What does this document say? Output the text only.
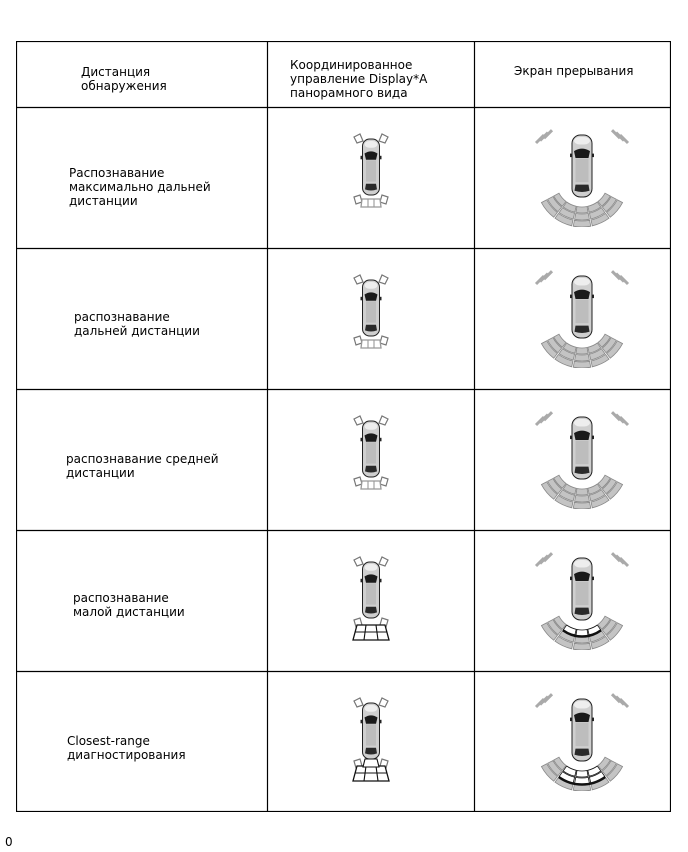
Дистанция
обнаружения
Координированное
управление Display*A
панорамного вида
Экран прерывания
Распознавание
максимально дальней
дистанции
распознавание
дальней дистанции
распознавание средней
дистанции
распознавание
малой дистанции
Closest-range
диагностирования
0
